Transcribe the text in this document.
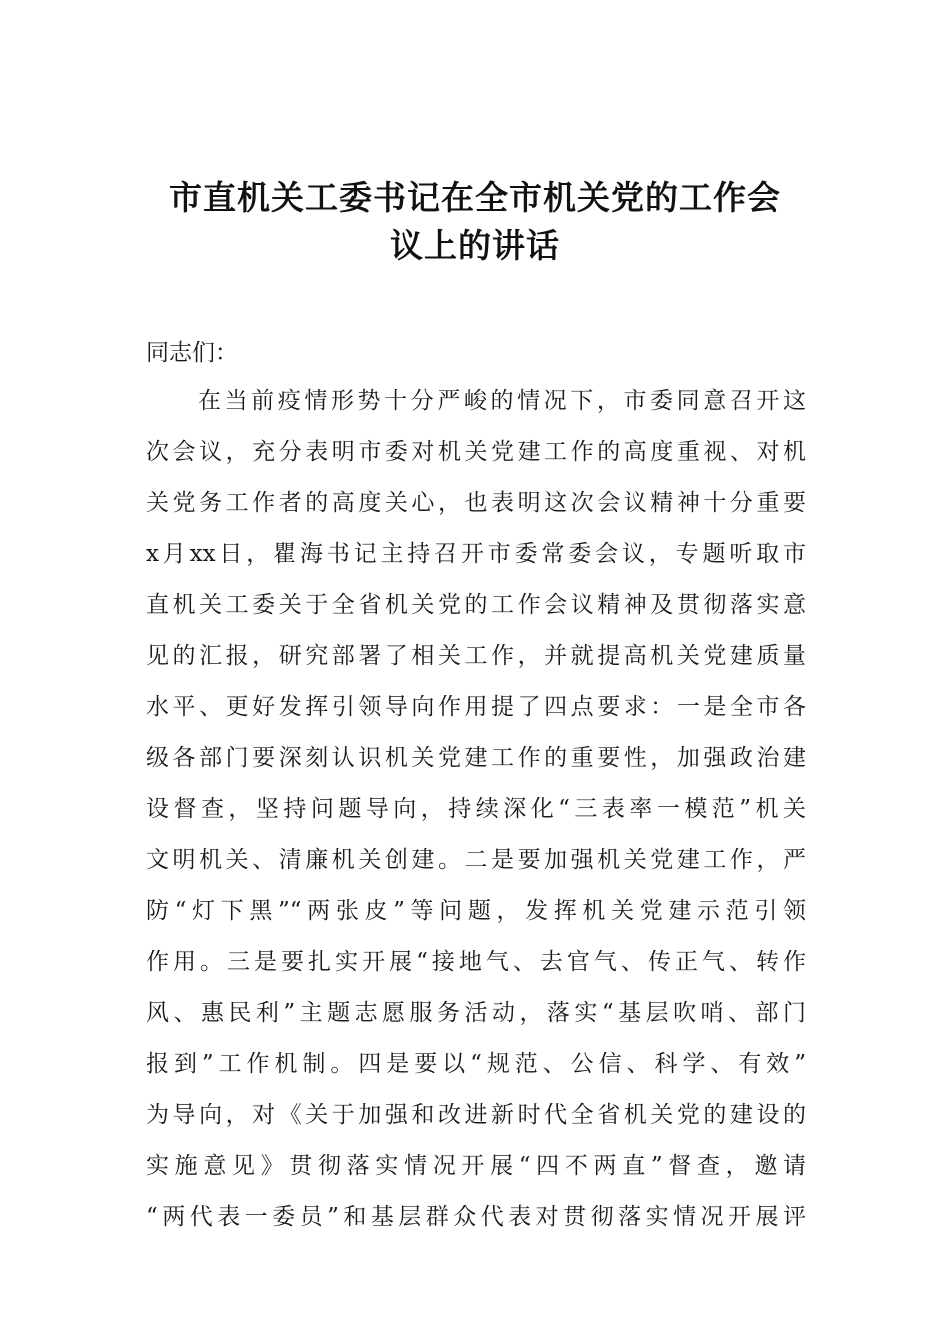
市直机关工委书记在全市机关党的工作会
议上的讲话
同志们：
在当前疫情形势十分严峻的情况下，市委同意召开这
次会议，充分表明市委对机关党建工作的高度重视、对机
关党务工作者的高度关心，也表明这次会议精神十分重要
x月xx日，瞿海书记主持召开市委常委会议，专题听取市
直机关工委关于全省机关党的工作会议精神及贯彻落实意
见的汇报，研究部署了相关工作，并就提高机关党建质量
水平、更好发挥引领导向作用提了四点要求：一是全市各
级各部门要深刻认识机关党建工作的重要性，加强政治建
设督查，坚持问题导向，持续深化“三表率一模范”机关
文明机关、清廉机关创建。二是要加强机关党建工作，严
防“灯下黑”“两张皮”等问题，发挥机关党建示范引领
作用。三是要扎实开展“接地气、去官气、传正气、转作
风、惠民利”主题志愿服务活动，落实“基层吹哨、部门
报到”工作机制。四是要以“规范、公信、科学、有效”
为导向，对《关于加强和改进新时代全省机关党的建设的
实施意见》贯彻落实情况开展“四不两直”督查，邀请
“两代表一委员”和基层群众代表对贯彻落实情况开展评
